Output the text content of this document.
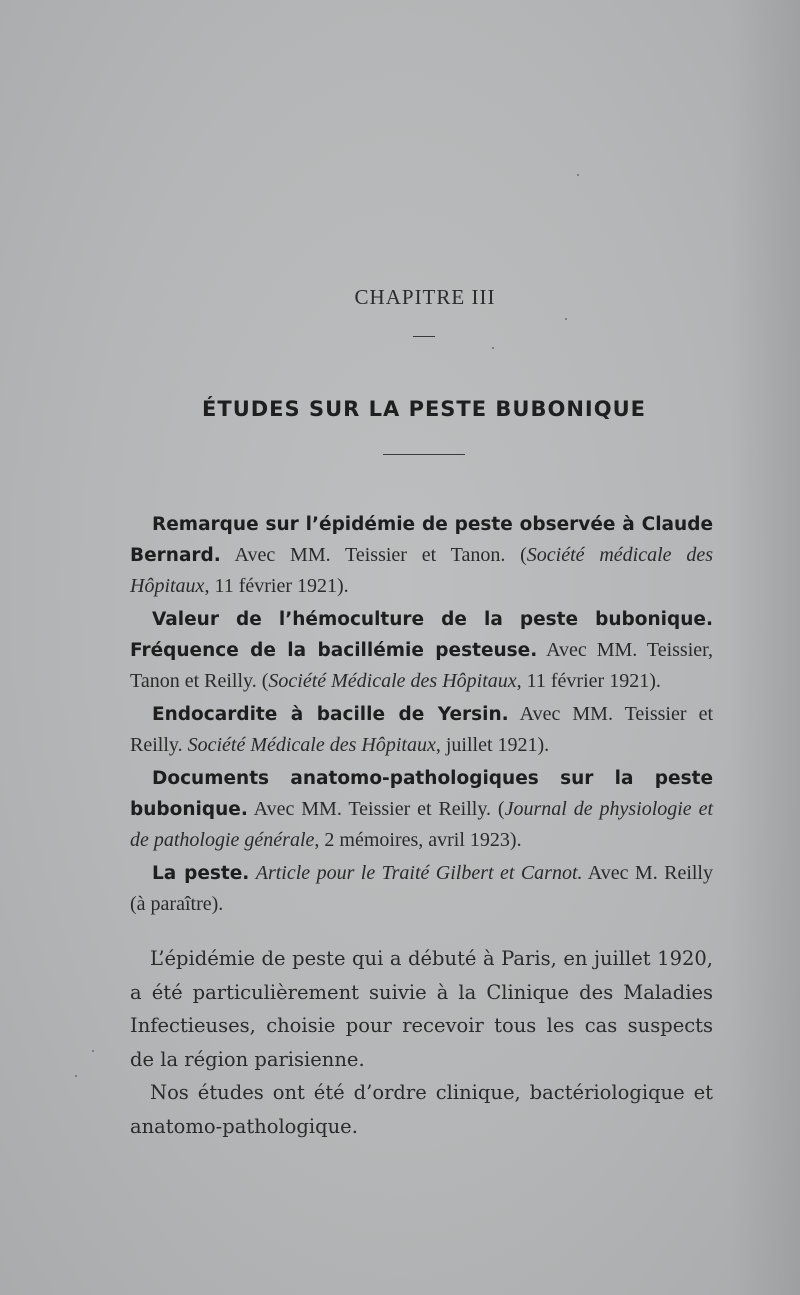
CHAPITRE III
ÉTUDES SUR LA PESTE BUBONIQUE

Remarque sur l’épidémie de peste observée à Claude Bernard. Avec MM. Teissier et Tanon. (Société médicale des Hôpitaux, 11 février 1921).

Valeur de l’hémoculture de la peste bubonique. Fréquence de la bacillémie pesteuse. Avec MM. Teissier, Tanon et Reilly. (Société Médicale des Hôpitaux, 11 février 1921).

Endocardite à bacille de Yersin. Avec MM. Teissier et Reilly. Société Médicale des Hôpitaux, juillet 1921).

Documents anatomo-pathologiques sur la peste bubonique. Avec MM. Teissier et Reilly. (Journal de physiologie et de pathologie générale, 2 mémoires, avril 1923).

La peste. Article pour le Traité Gilbert et Carnot. Avec M. Reilly (à paraître).

L’épidémie de peste qui a débuté à Paris, en juillet 1920, a été particulièrement suivie à la Clinique des Maladies Infectieuses, choisie pour recevoir tous les cas suspects de la région parisienne.

Nos études ont été d’ordre clinique, bactériologique et anatomo-pathologique.
